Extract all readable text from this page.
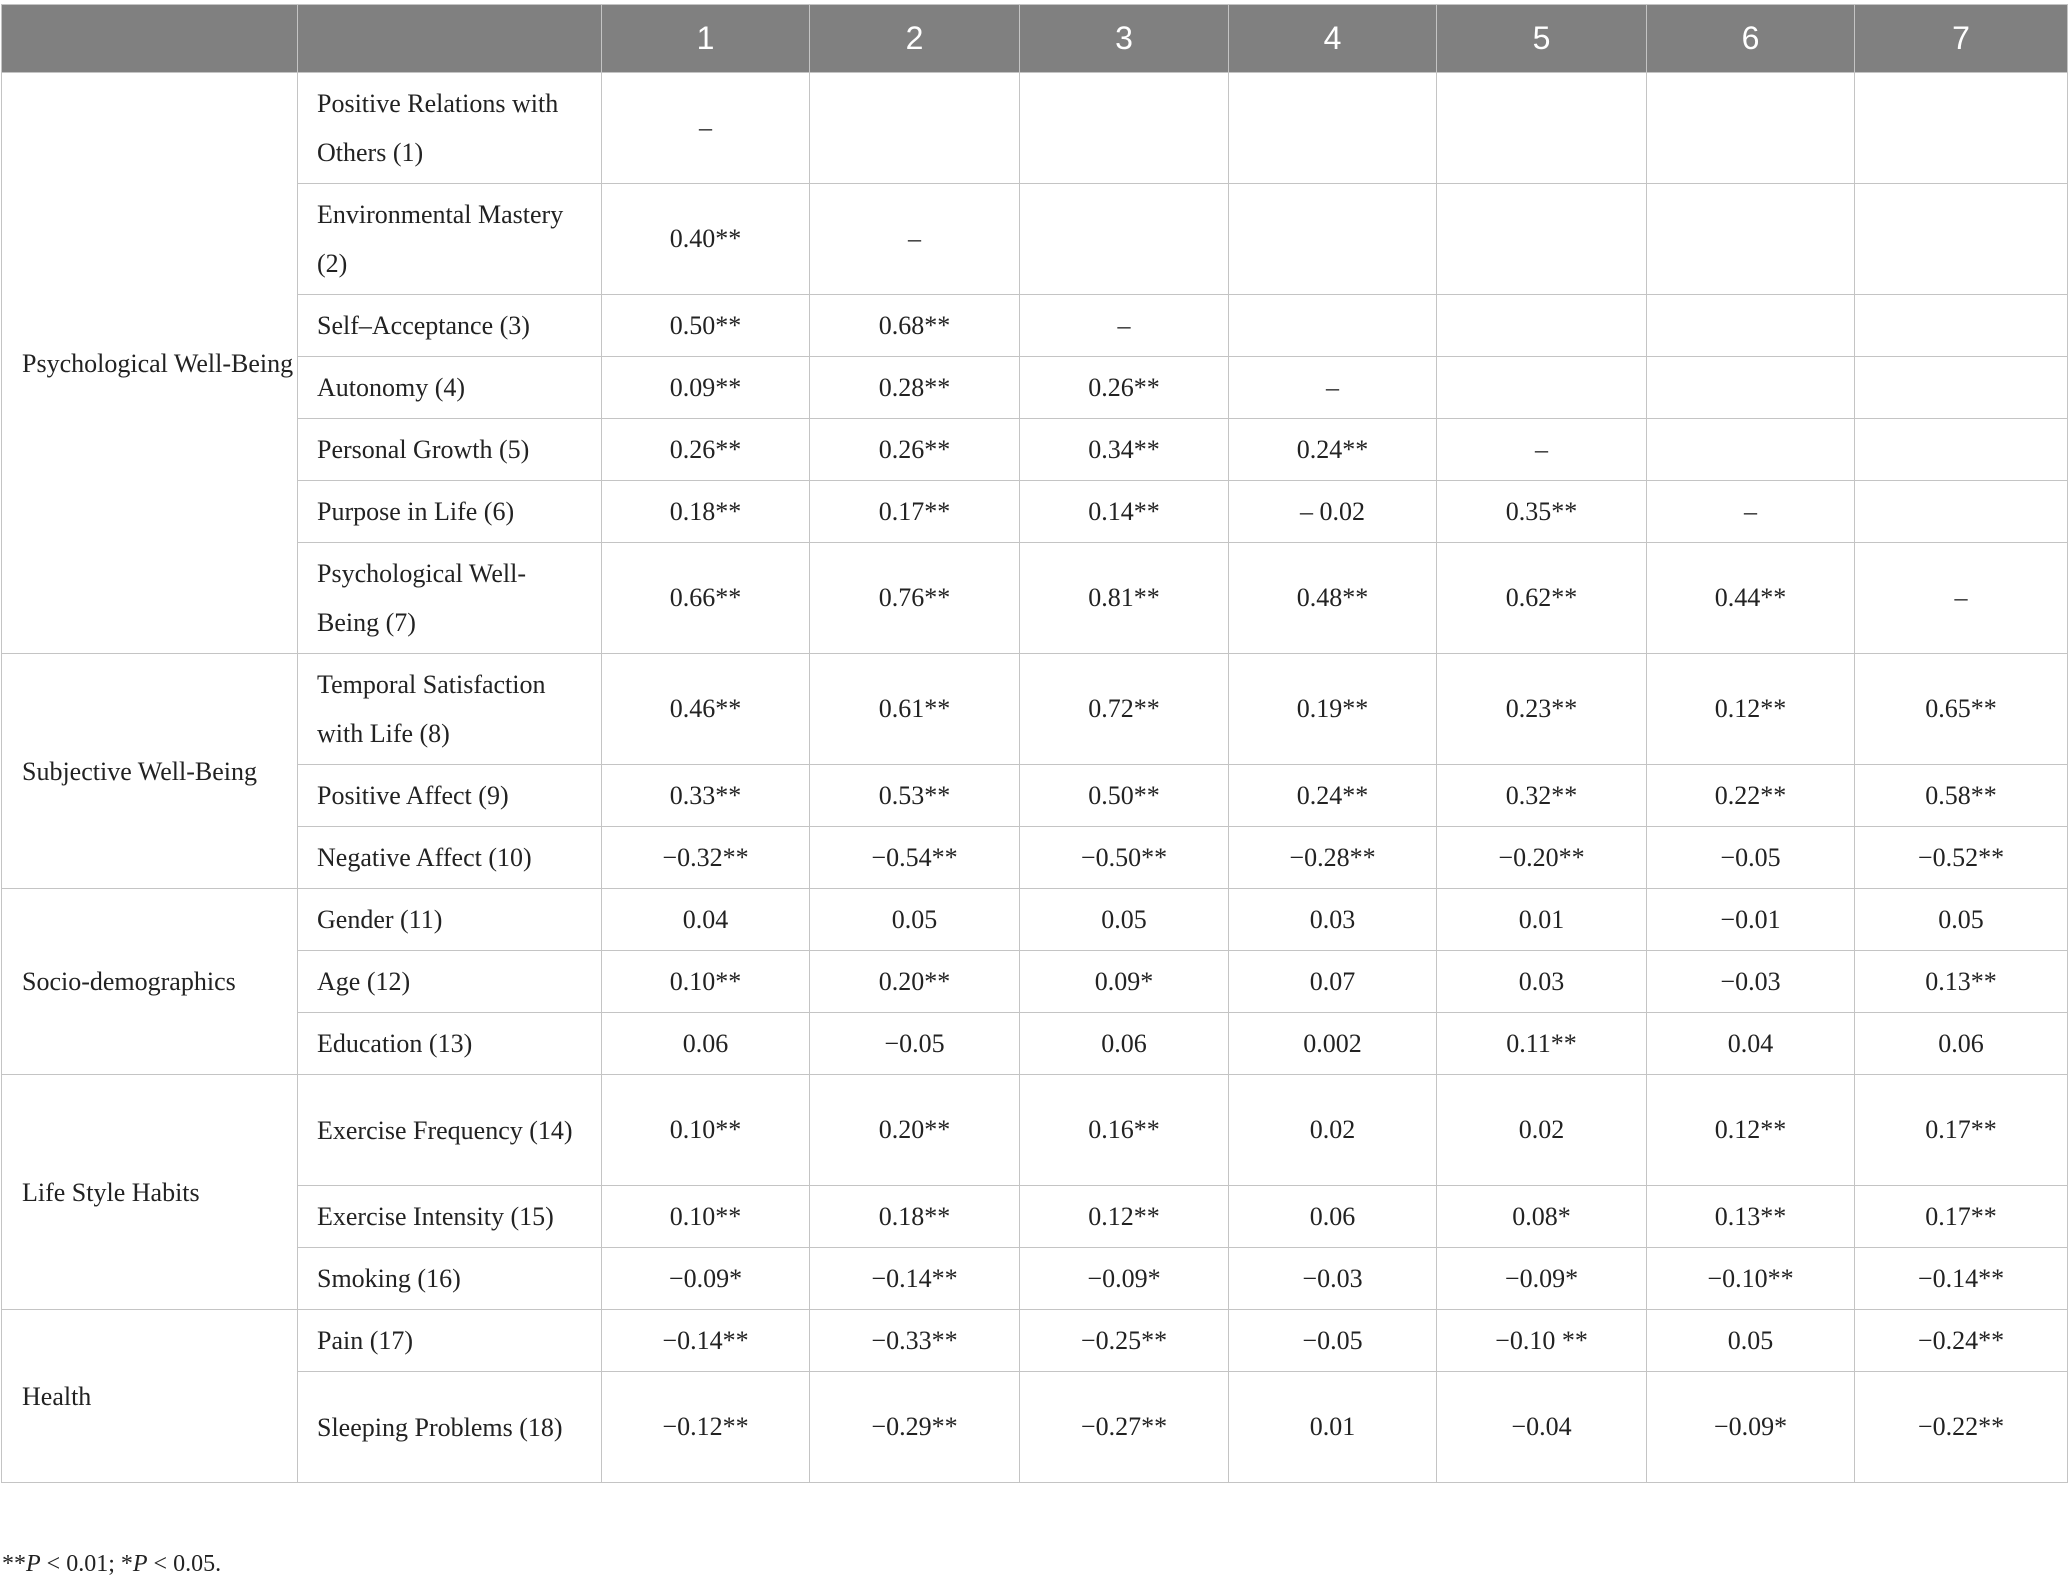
		1	2	3	4	5	6	7
Psychological Well-Being	Positive Relations with Others (1)	–						
	Environmental Mastery (2)	0.40**	–					
	Self–Acceptance (3)	0.50**	0.68**	–				
	Autonomy (4)	0.09**	0.28**	0.26**	–			
	Personal Growth (5)	0.26**	0.26**	0.34**	0.24**	–		
	Purpose in Life (6)	0.18**	0.17**	0.14**	– 0.02	0.35**	–	
	Psychological Well-Being (7)	0.66**	0.76**	0.81**	0.48**	0.62**	0.44**	–
Subjective Well-Being	Temporal Satisfaction with Life (8)	0.46**	0.61**	0.72**	0.19**	0.23**	0.12**	0.65**
	Positive Affect (9)	0.33**	0.53**	0.50**	0.24**	0.32**	0.22**	0.58**
	Negative Affect (10)	−0.32**	−0.54**	−0.50**	−0.28**	−0.20**	−0.05	−0.52**
Socio-demographics	Gender (11)	0.04	0.05	0.05	0.03	0.01	−0.01	0.05
	Age (12)	0.10**	0.20**	0.09*	0.07	0.03	−0.03	0.13**
	Education (13)	0.06	−0.05	0.06	0.002	0.11**	0.04	0.06
Life Style Habits	Exercise Frequency (14)	0.10**	0.20**	0.16**	0.02	0.02	0.12**	0.17**
	Exercise Intensity (15)	0.10**	0.18**	0.12**	0.06	0.08*	0.13**	0.17**
	Smoking (16)	−0.09*	−0.14**	−0.09*	−0.03	−0.09*	−0.10**	−0.14**
Health	Pain (17)	−0.14**	−0.33**	−0.25**	−0.05	−0.10 **	0.05	−0.24**
	Sleeping Problems (18)	−0.12**	−0.29**	−0.27**	0.01	−0.04	−0.09*	−0.22**
**P < 0.01; *P < 0.05.
